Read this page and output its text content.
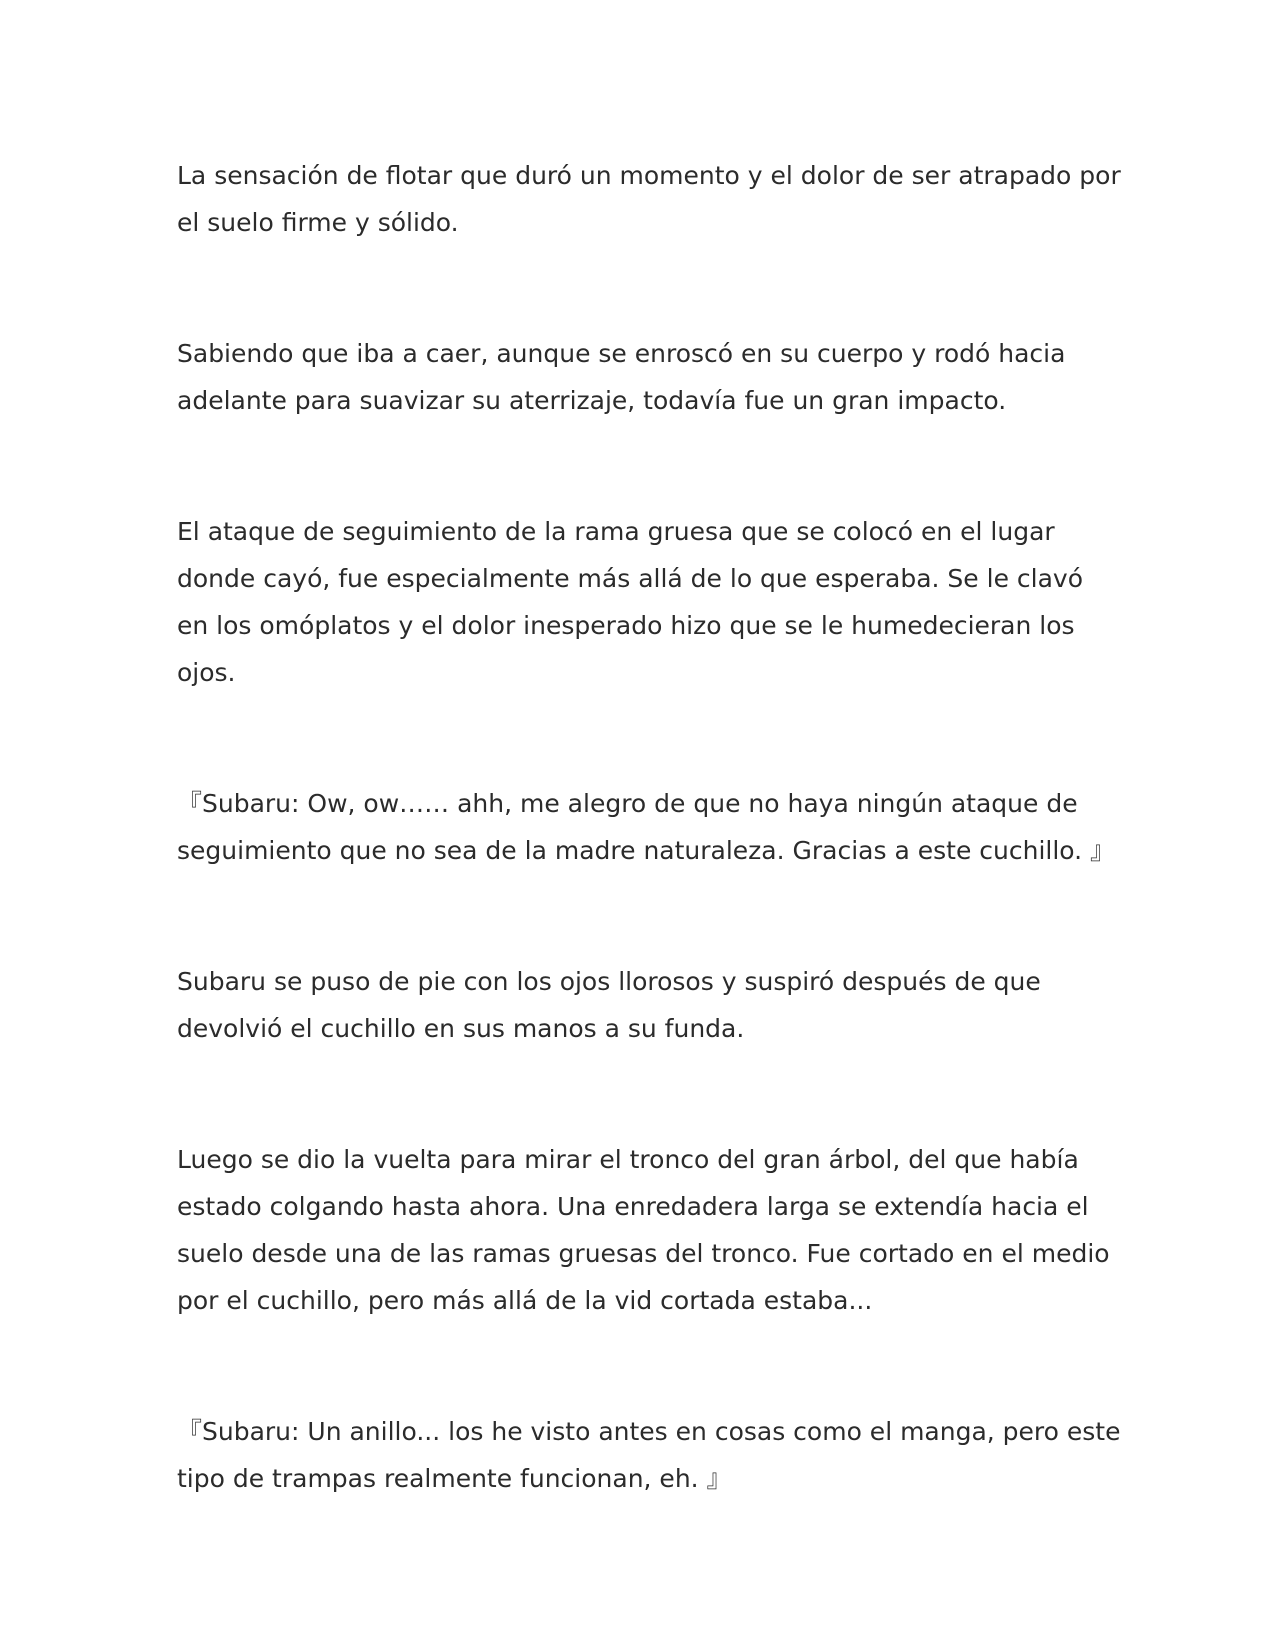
La sensación de flotar que duró un momento y el dolor de ser atrapado por el suelo firme y sólido.

Sabiendo que iba a caer, aunque se enroscó en su cuerpo y rodó hacia adelante para suavizar su aterrizaje, todavía fue un gran impacto.

El ataque de seguimiento de la rama gruesa que se colocó en el lugar donde cayó, fue especialmente más allá de lo que esperaba. Se le clavó en los omóplatos y el dolor inesperado hizo que se le humedecieran los ojos.

『Subaru: Ow, ow…… ahh, me alegro de que no haya ningún ataque de seguimiento que no sea de la madre naturaleza. Gracias a este cuchillo. 』

Subaru se puso de pie con los ojos llorosos y suspiró después de que devolvió el cuchillo en sus manos a su funda.

Luego se dio la vuelta para mirar el tronco del gran árbol, del que había estado colgando hasta ahora. Una enredadera larga se extendía hacia el suelo desde una de las ramas gruesas del tronco. Fue cortado en el medio por el cuchillo, pero más allá de la vid cortada estaba...

『Subaru: Un anillo... los he visto antes en cosas como el manga, pero este tipo de trampas realmente funcionan, eh. 』
